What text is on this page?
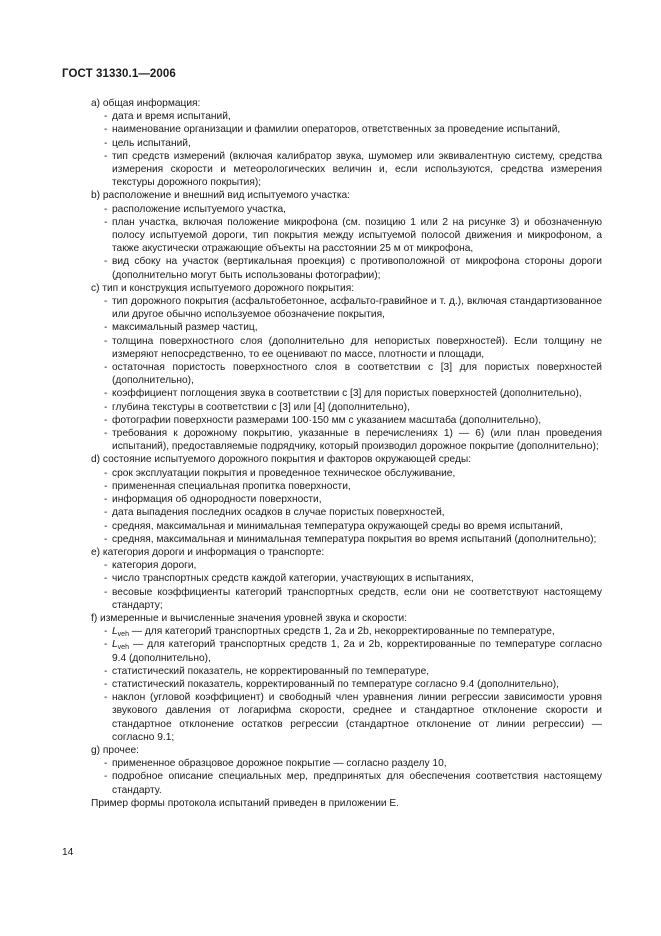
ГОСТ 31330.1—2006
a) общая информация:
- дата и время испытаний,
- наименование организации и фамилии операторов, ответственных за проведение испытаний,
- цель испытаний,
- тип средств измерений (включая калибратор звука, шумомер или эквивалентную систему, средства измерения скорости и метеорологических величин и, если используются, средства измерения текстуры дорожного покрытия);
b) расположение и внешний вид испытуемого участка:
- расположение испытуемого участка,
- план участка, включая положение микрофона (см. позицию 1 или 2 на рисунке 3) и обозначенную полосу испытуемой дороги, тип покрытия между испытуемой полосой движения и микрофоном, а также акустически отражающие объекты на расстоянии 25 м от микрофона,
- вид сбоку на участок (вертикальная проекция) с противоположной от микрофона стороны дороги (дополнительно могут быть использованы фотографии);
c) тип и конструкция испытуемого дорожного покрытия:
- тип дорожного покрытия (асфальтобетонное, асфальто-гравийное и т. д.), включая стандартизованное или другое обычно используемое обозначение покрытия,
- максимальный размер частиц,
- толщина поверхностного слоя (дополнительно для непористых поверхностей). Если толщину не измеряют непосредственно, то ее оценивают по массе, плотности и площади,
- остаточная пористость поверхностного слоя в соответствии с [3] для пористых поверхностей (дополнительно),
- коэффициент поглощения звука в соответствии с [3] для пористых поверхностей (дополнительно),
- глубина текстуры в соответствии с [3] или [4] (дополнительно),
- фотографии поверхности размерами 100·150 мм с указанием масштаба (дополнительно),
- требования к дорожному покрытию, указанные в перечислениях 1) — 6) (или план проведения испытаний), предоставляемые подрядчику, который производил дорожное покрытие (дополнительно);
d) состояние испытуемого дорожного покрытия и факторов окружающей среды:
- срок эксплуатации покрытия и проведенное техническое обслуживание,
- примененная специальная пропитка поверхности,
- информация об однородности поверхности,
- дата выпадения последних осадков в случае пористых поверхностей,
- средняя, максимальная и минимальная температура окружающей среды во время испытаний,
- средняя, максимальная и минимальная температура покрытия во время испытаний (дополнительно);
e) категория дороги и информация о транспорте:
- категория дороги,
- число транспортных средств каждой категории, участвующих в испытаниях,
- весовые коэффициенты категорий транспортных средств, если они не соответствуют настоящему стандарту;
f) измеренные и вычисленные значения уровней звука и скорости:
- $L_{veh}$ — для категорий транспортных средств 1, 2a и 2b, некорректированные по температуре,
- $L_{veh}$ — для категорий транспортных средств 1, 2a и 2b, корректированные по температуре согласно 9.4 (дополнительно),
- статистический показатель, не корректированный по температуре,
- статистический показатель, корректированный по температуре согласно 9.4 (дополнительно),
- наклон (угловой коэффициент) и свободный член уравнения линии регрессии зависимости уровня звукового давления от логарифма скорости, среднее и стандартное отклонение скорости и стандартное отклонение остатков регрессии (стандартное отклонение от линии регрессии) — согласно 9.1;
g) прочее:
- примененное образцовое дорожное покрытие — согласно разделу 10,
- подробное описание специальных мер, предпринятых для обеспечения соответствия настоящему стандарту.
Пример формы протокола испытаний приведен в приложении Е.
14
